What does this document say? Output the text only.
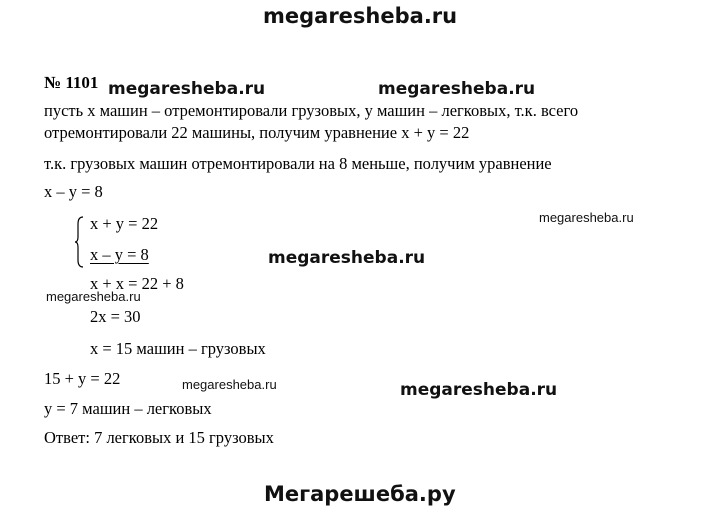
megaresheba.ru
megaresheba.ru	megaresheba.ru
megaresheba.ru
megaresheba.ru
megaresheba.ru
megaresheba.ru	megaresheba.ru
Мегарешеба.ру
№ 1101
пусть х машин – отремонтировали грузовых, у машин – легковых, т.к. всего
отремонтировали 22 машины, получим уравнение х + у = 22
т.к. грузовых машин отремонтировали на 8 меньше, получим уравнение
х – у = 8
х + у = 22
х – у = 8
х + х = 22 + 8
2х = 30
х = 15 машин – грузовых
15 + у = 22
у = 7 машин – легковых
Ответ: 7 легковых и 15 грузовых
